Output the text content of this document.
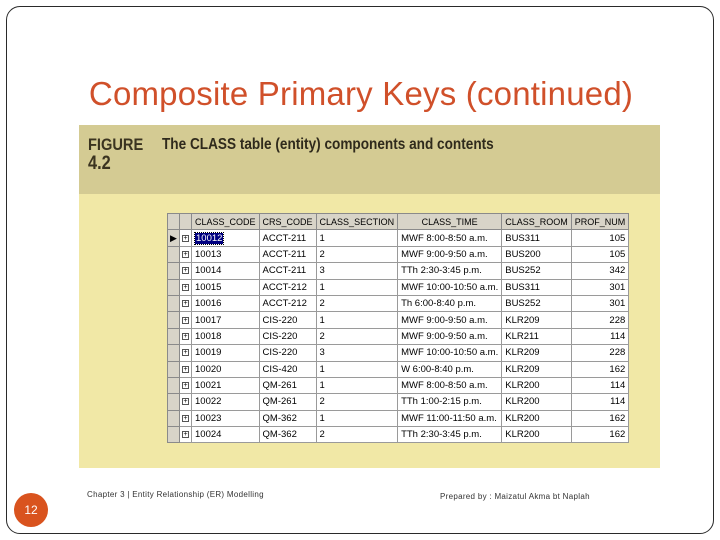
Composite Primary Keys (continued)
FIGURE
4.2
The CLASS table (entity) components and contents
		CLASS_CODE	CRS_CODE	CLASS_SECTION	CLASS_TIME	CLASS_ROOM	PROF_NUM
▶	+	10012	ACCT-211	1	MWF 8:00-8:50 a.m.	BUS311	105
	+	10013	ACCT-211	2	MWF 9:00-9:50 a.m.	BUS200	105
	+	10014	ACCT-211	3	TTh 2:30-3:45 p.m.	BUS252	342
	+	10015	ACCT-212	1	MWF 10:00-10:50 a.m.	BUS311	301
	+	10016	ACCT-212	2	Th 6:00-8:40 p.m.	BUS252	301
	+	10017	CIS-220	1	MWF 9:00-9:50 a.m.	KLR209	228
	+	10018	CIS-220	2	MWF 9:00-9:50 a.m.	KLR211	114
	+	10019	CIS-220	3	MWF 10:00-10:50 a.m.	KLR209	228
	+	10020	CIS-420	1	W 6:00-8:40 p.m.	KLR209	162
	+	10021	QM-261	1	MWF 8:00-8:50 a.m.	KLR200	114
	+	10022	QM-261	2	TTh 1:00-2:15 p.m.	KLR200	114
	+	10023	QM-362	1	MWF 11:00-11:50 a.m.	KLR200	162
	+	10024	QM-362	2	TTh 2:30-3:45 p.m.	KLR200	162
12
Chapter 3 | Entity Relationship (ER) Modelling	Prepared by : Maizatul Akma bt Naplah
